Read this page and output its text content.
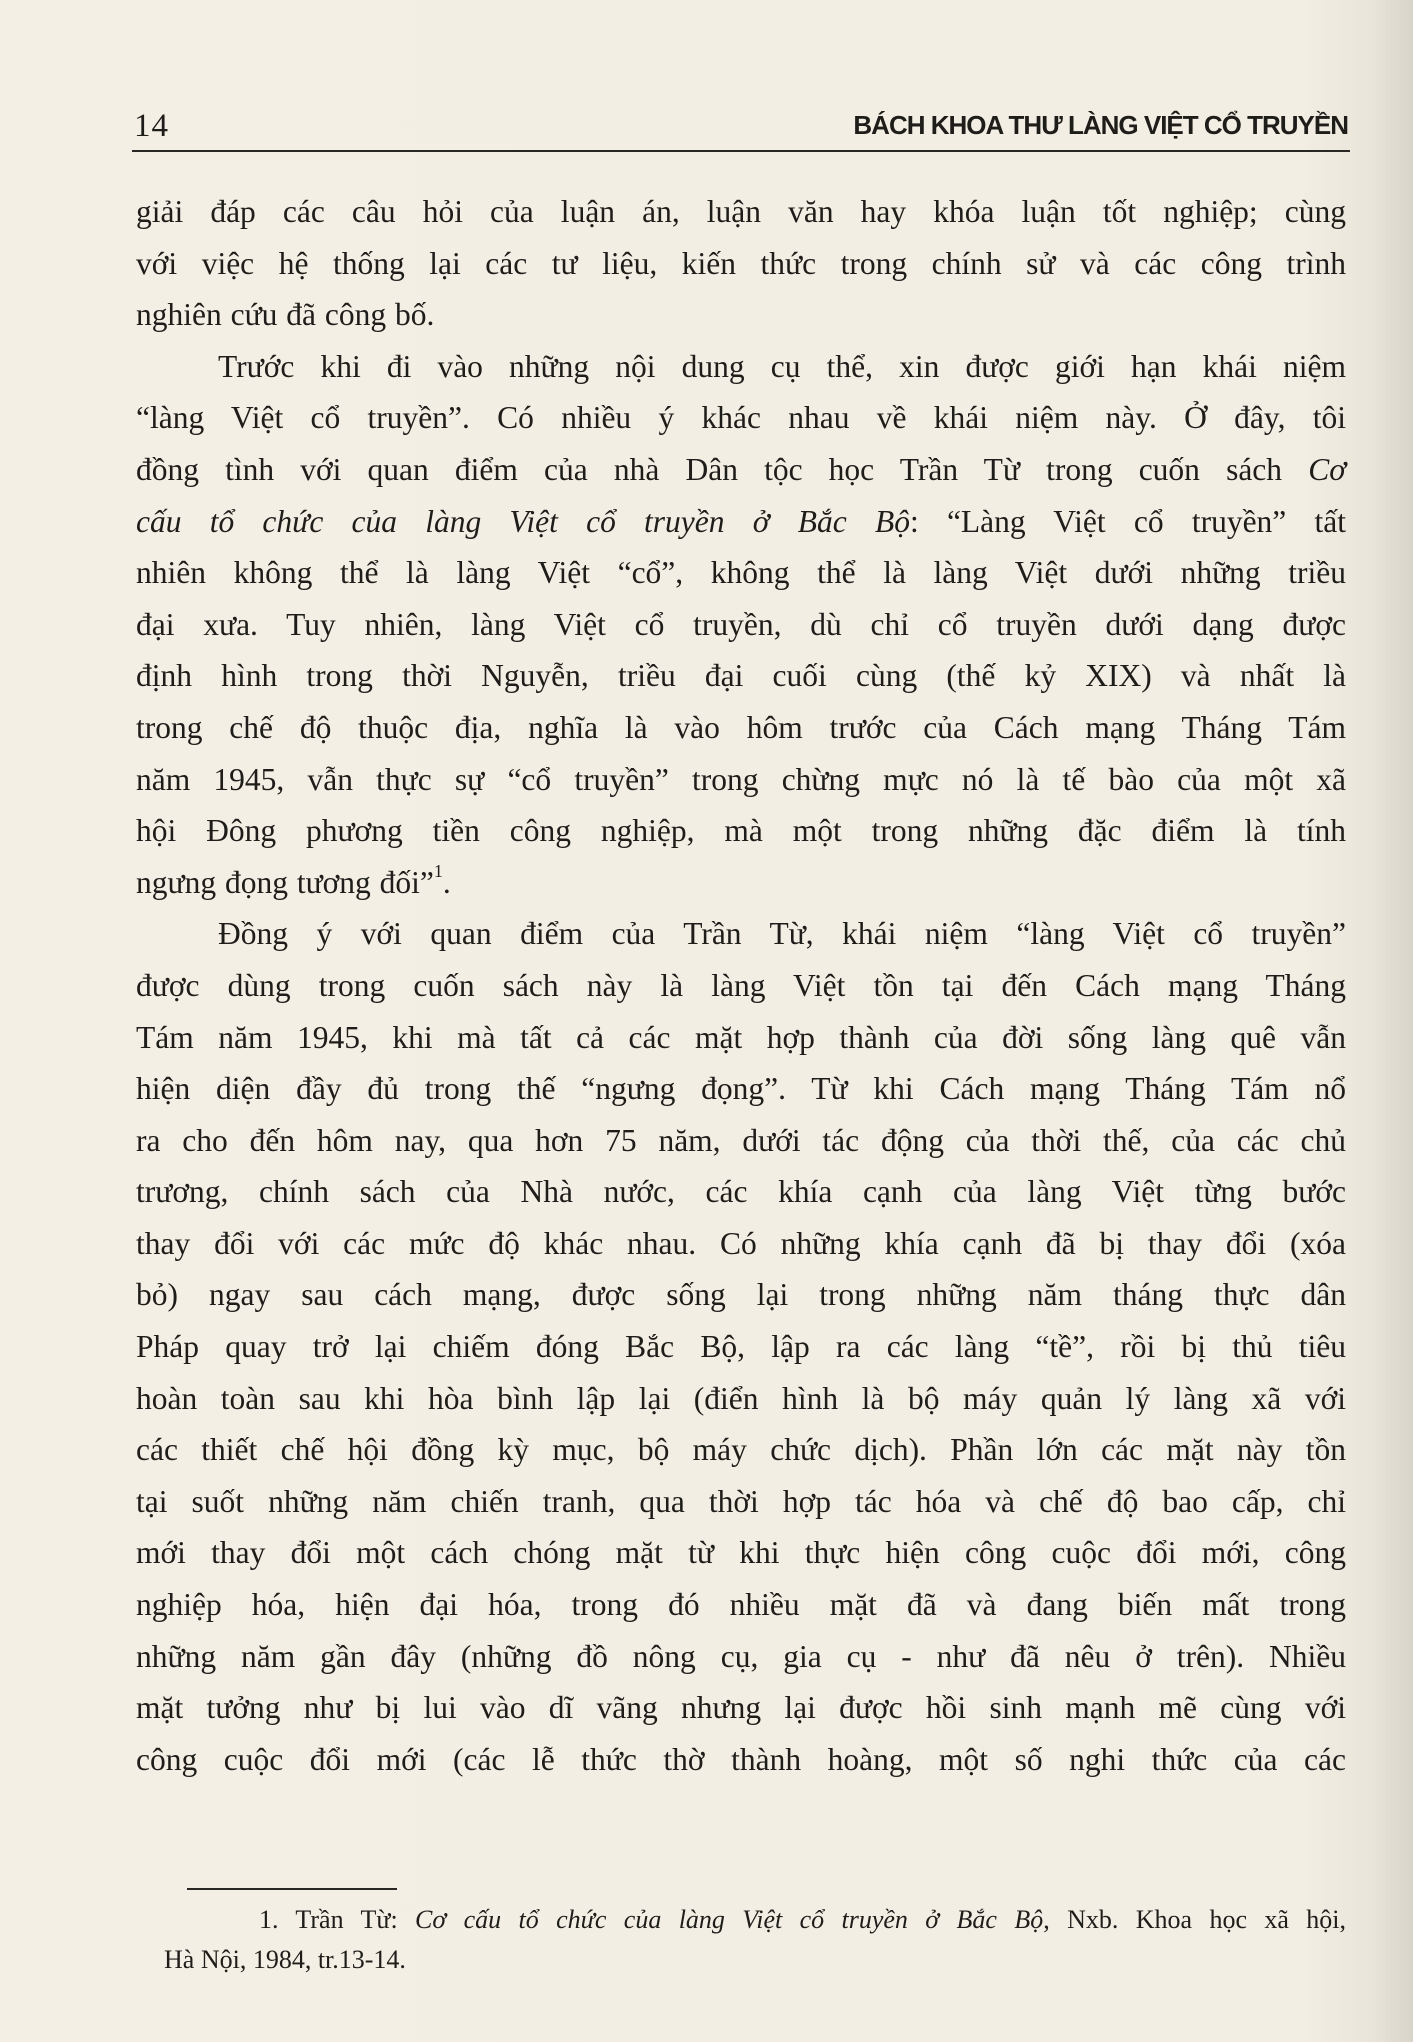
14	BÁCH KHOA THƯ LÀNG VIỆT CỔ TRUYỀN

giải đáp các câu hỏi của luận án, luận văn hay khóa luận tốt nghiệp; cùng
với việc hệ thống lại các tư liệu, kiến thức trong chính sử và các công trình
nghiên cứu đã công bố.

Trước khi đi vào những nội dung cụ thể, xin được giới hạn khái niệm
“làng Việt cổ truyền”. Có nhiều ý khác nhau về khái niệm này. Ở đây, tôi
đồng tình với quan điểm của nhà Dân tộc học Trần Từ trong cuốn sách Cơ
cấu tổ chức của làng Việt cổ truyền ở Bắc Bộ: “Làng Việt cổ truyền” tất
nhiên không thể là làng Việt “cổ”, không thể là làng Việt dưới những triều
đại xưa. Tuy nhiên, làng Việt cổ truyền, dù chỉ cổ truyền dưới dạng được
định hình trong thời Nguyễn, triều đại cuối cùng (thế kỷ XIX) và nhất là
trong chế độ thuộc địa, nghĩa là vào hôm trước của Cách mạng Tháng Tám
năm 1945, vẫn thực sự “cổ truyền” trong chừng mực nó là tế bào của một xã
hội Đông phương tiền công nghiệp, mà một trong những đặc điểm là tính
ngưng đọng tương đối”$^1$.

Đồng ý với quan điểm của Trần Từ, khái niệm “làng Việt cổ truyền”
được dùng trong cuốn sách này là làng Việt tồn tại đến Cách mạng Tháng
Tám năm 1945, khi mà tất cả các mặt hợp thành của đời sống làng quê vẫn
hiện diện đầy đủ trong thế “ngưng đọng”. Từ khi Cách mạng Tháng Tám nổ
ra cho đến hôm nay, qua hơn 75 năm, dưới tác động của thời thế, của các chủ
trương, chính sách của Nhà nước, các khía cạnh của làng Việt từng bước
thay đổi với các mức độ khác nhau. Có những khía cạnh đã bị thay đổi (xóa
bỏ) ngay sau cách mạng, được sống lại trong những năm tháng thực dân
Pháp quay trở lại chiếm đóng Bắc Bộ, lập ra các làng “tề”, rồi bị thủ tiêu
hoàn toàn sau khi hòa bình lập lại (điển hình là bộ máy quản lý làng xã với
các thiết chế hội đồng kỳ mục, bộ máy chức dịch). Phần lớn các mặt này tồn
tại suốt những năm chiến tranh, qua thời hợp tác hóa và chế độ bao cấp, chỉ
mới thay đổi một cách chóng mặt từ khi thực hiện công cuộc đổi mới, công
nghiệp hóa, hiện đại hóa, trong đó nhiều mặt đã và đang biến mất trong
những năm gần đây (những đồ nông cụ, gia cụ - như đã nêu ở trên). Nhiều
mặt tưởng như bị lui vào dĩ vãng nhưng lại được hồi sinh mạnh mẽ cùng với
công cuộc đổi mới (các lễ thức thờ thành hoàng, một số nghi thức của các

1. Trần Từ: Cơ cấu tổ chức của làng Việt cổ truyền ở Bắc Bộ, Nxb. Khoa học xã hội,
Hà Nội, 1984, tr.13-14.
